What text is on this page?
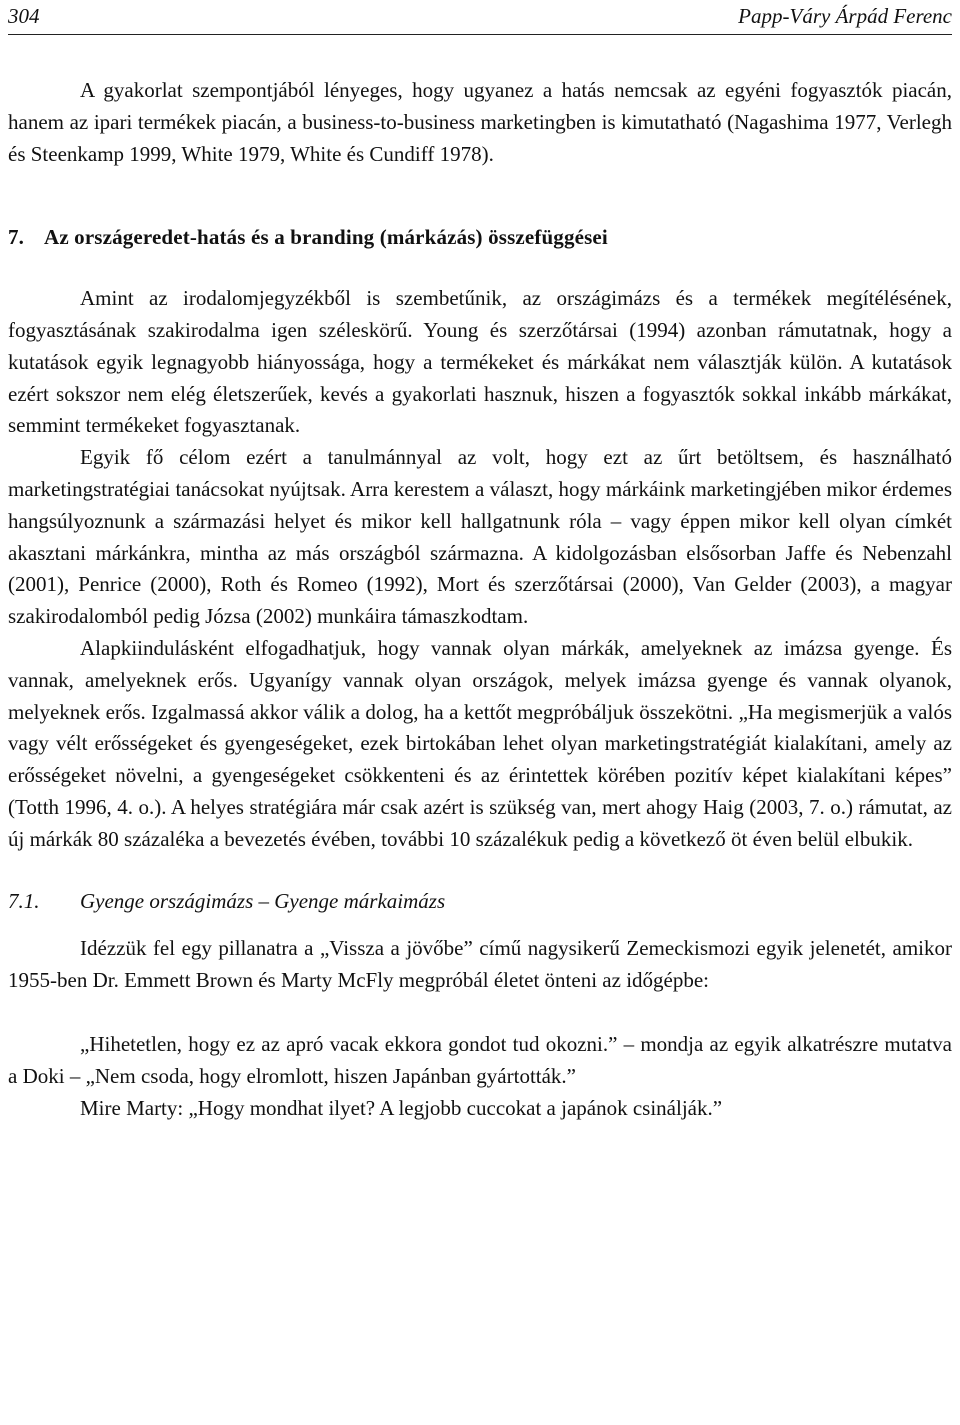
304	Papp-Váry Árpád Ferenc

A gyakorlat szempontjából lényeges, hogy ugyanez a hatás nemcsak az egyéni fogyasztók piacán, hanem az ipari termékek piacán, a business-to-business marketingben is kimutatható (Nagashima 1977, Verlegh és Steenkamp 1999, White 1979, White és Cundiff 1978).

7. Az országeredet-hatás és a branding (márkázás) összefüggései

Amint az irodalomjegyzékből is szembetűnik, az országimázs és a termékek megítélésének, fogyasztásának szakirodalma igen széleskörű. Young és szerzőtársai (1994) azonban rámutatnak, hogy a kutatások egyik legnagyobb hiányossága, hogy a termékeket és márkákat nem választják külön. A kutatások ezért sokszor nem elég életszerűek, kevés a gyakorlati hasznuk, hiszen a fogyasztók sokkal inkább márkákat, semmint termékeket fogyasztanak.

Egyik fő célom ezért a tanulmánnyal az volt, hogy ezt az űrt betöltsem, és használható marketingstratégiai tanácsokat nyújtsak. Arra kerestem a választ, hogy márkáink marketingjében mikor érdemes hangsúlyoznunk a származási helyet és mikor kell hallgatnunk róla – vagy éppen mikor kell olyan címkét akasztani márkánkra, mintha az más országból származna. A kidolgozásban elsősorban Jaffe és Nebenzahl (2001), Penrice (2000), Roth és Romeo (1992), Mort és szerzőtársai (2000), Van Gelder (2003), a magyar szakirodalomból pedig Józsa (2002) munkáira támaszkodtam.

Alapkiindulásként elfogadhatjuk, hogy vannak olyan márkák, amelyeknek az imázsa gyenge. És vannak, amelyeknek erős. Ugyanígy vannak olyan országok, melyek imázsa gyenge és vannak olyanok, melyeknek erős. Izgalmassá akkor válik a dolog, ha a kettőt megpróbáljuk összekötni. „Ha megismerjük a valós vagy vélt erősségeket és gyengeségeket, ezek birtokában lehet olyan marketingstratégiát kialakítani, amely az erősségeket növelni, a gyengeségeket csökkenteni és az érintettek körében pozitív képet kialakítani képes” (Totth 1996, 4. o.). A helyes stratégiára már csak azért is szükség van, mert ahogy Haig (2003, 7. o.) rámutat, az új márkák 80 százaléka a bevezetés évében, további 10 százalékuk pedig a következő öt éven belül elbukik.

7.1. Gyenge országimázs – Gyenge márkaimázs

Idézzük fel egy pillanatra a „Vissza a jövőbe” című nagysikerű Zemeckismozi egyik jelenetét, amikor 1955-ben Dr. Emmett Brown és Marty McFly megpróbál életet önteni az időgépbe:

„Hihetetlen, hogy ez az apró vacak ekkora gondot tud okozni.” – mondja az egyik alkatrészre mutatva a Doki – „Nem csoda, hogy elromlott, hiszen Japánban gyártották.”

Mire Marty: „Hogy mondhat ilyet? A legjobb cuccokat a japánok csinálják.”
